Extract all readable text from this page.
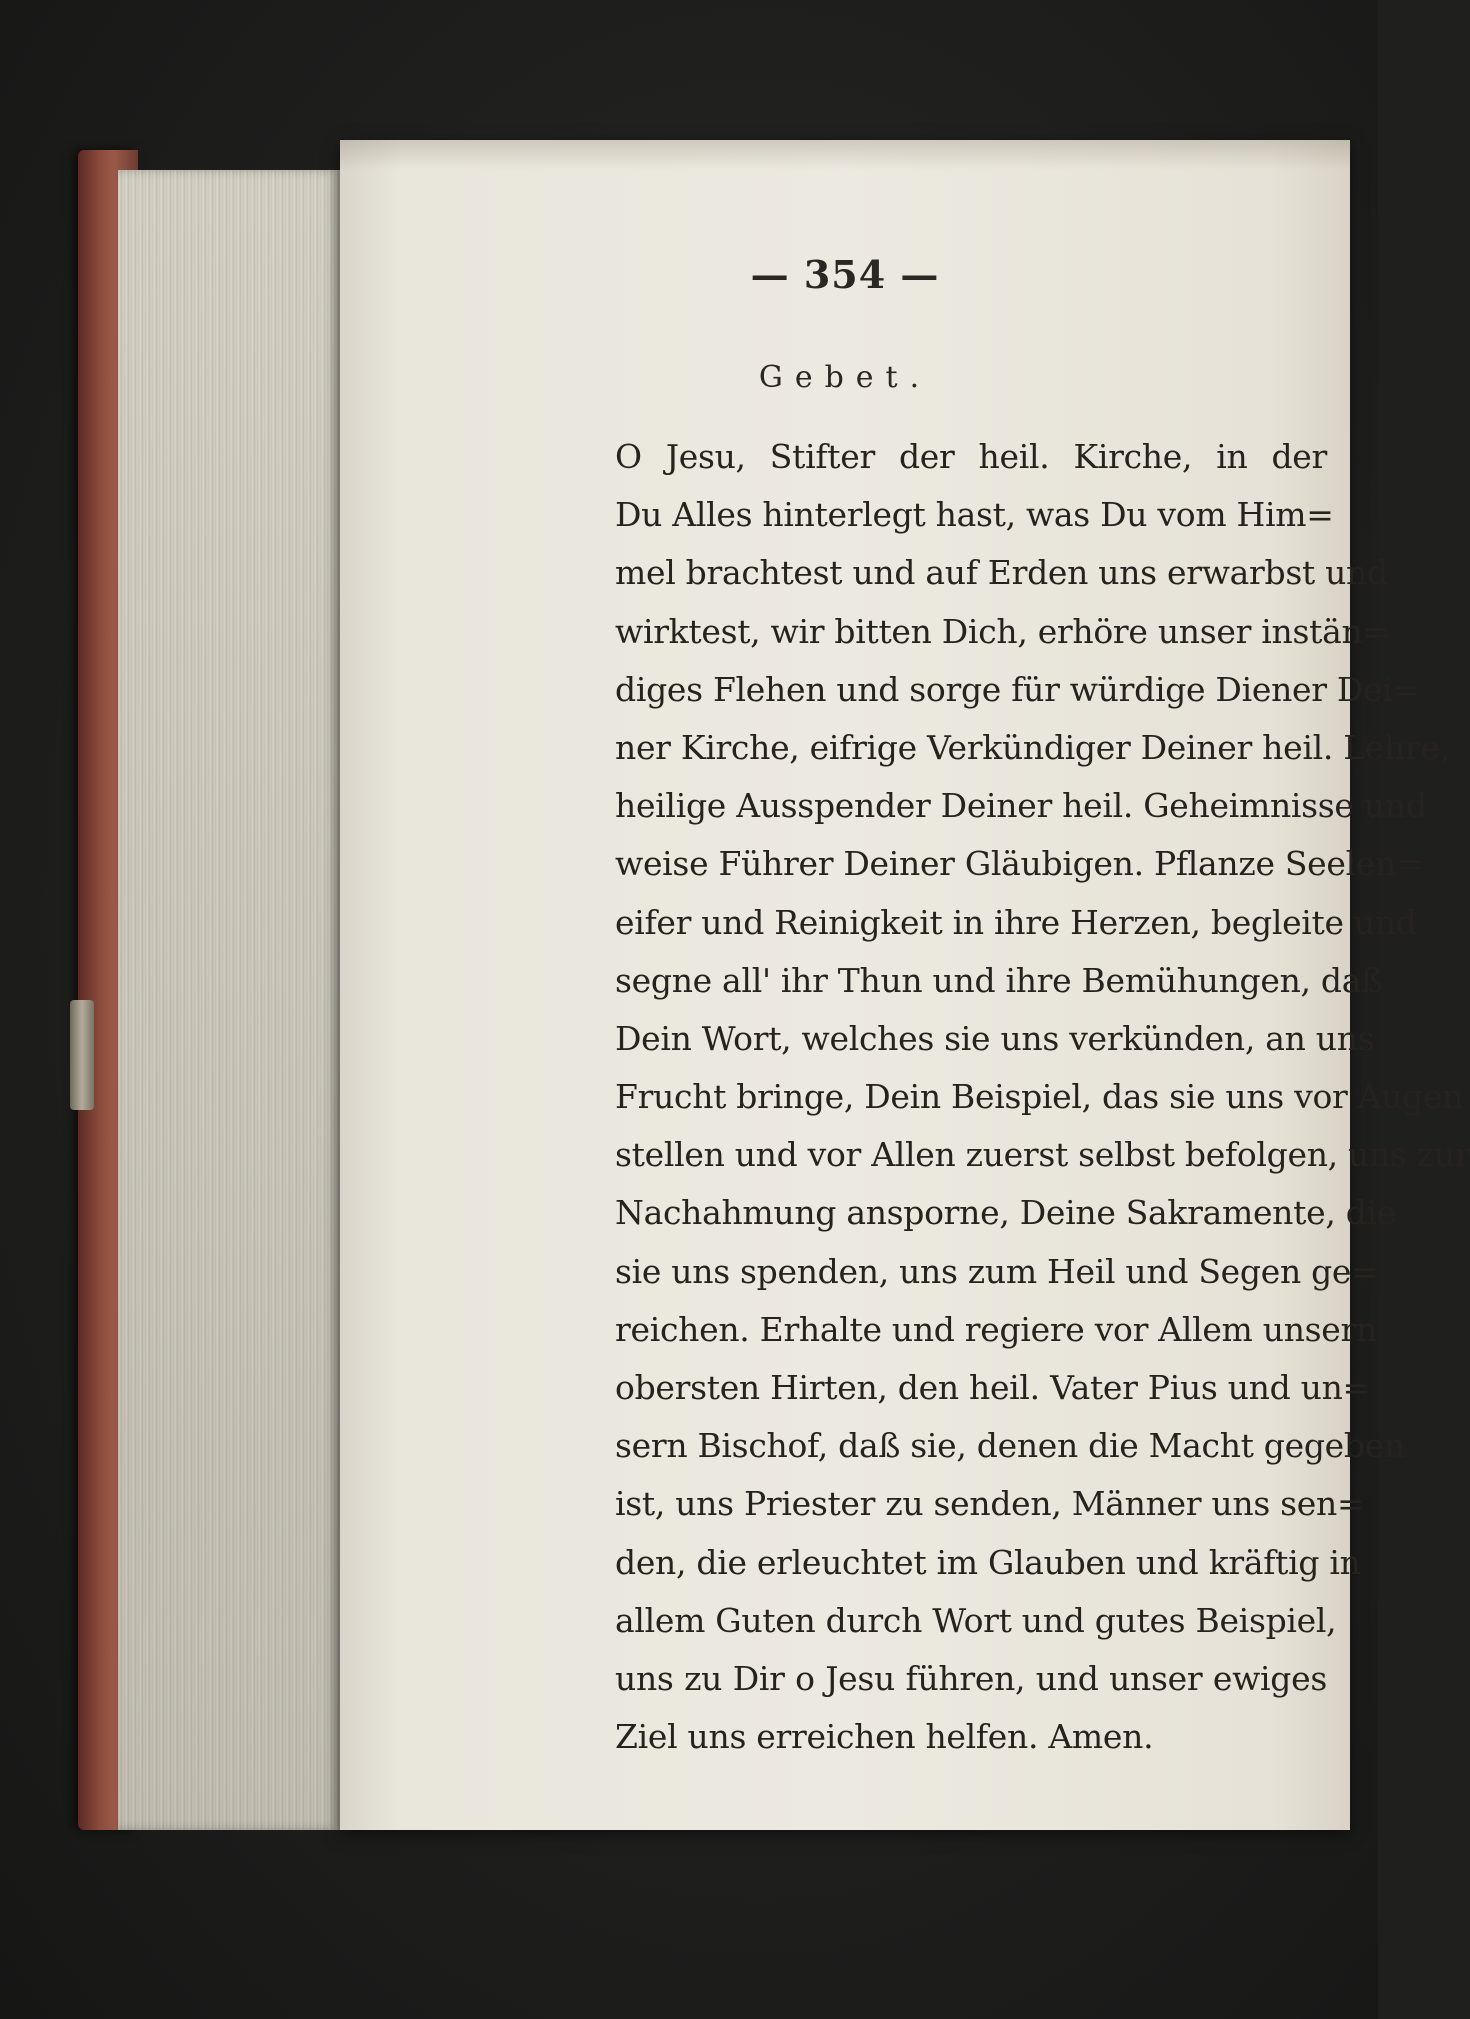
— 354 —
Gebet.
O Jesu, Stifter der heil. Kirche, in der
Du Alles hinterlegt hast, was Du vom Him=
mel brachtest und auf Erden uns erwarbst und
wirktest, wir bitten Dich, erhöre unser instän=
diges Flehen und sorge für würdige Diener Dei=
ner Kirche, eifrige Verkündiger Deiner heil. Lehre,
heilige Ausspender Deiner heil. Geheimnisse und
weise Führer Deiner Gläubigen. Pflanze Seelen=
eifer und Reinigkeit in ihre Herzen, begleite und
segne all' ihr Thun und ihre Bemühungen, daß
Dein Wort, welches sie uns verkünden, an uns
Frucht bringe, Dein Beispiel, das sie uns vor Augen
stellen und vor Allen zuerst selbst befolgen, uns zur
Nachahmung anspornе, Deine Sakramente, die
sie uns spenden, uns zum Heil und Segen ge=
reichen. Erhalte und regiere vor Allem unsern
obersten Hirten, den heil. Vater Pius und un=
sern Bischof, daß sie, denen die Macht gegeben
ist, uns Priester zu senden, Männer uns sen=
den, die erleuchtet im Glauben und kräftig in
allem Guten durch Wort und gutes Beispiel,
uns zu Dir o Jesu führen, und unser ewiges
Ziel uns erreichen helfen. Amen.
